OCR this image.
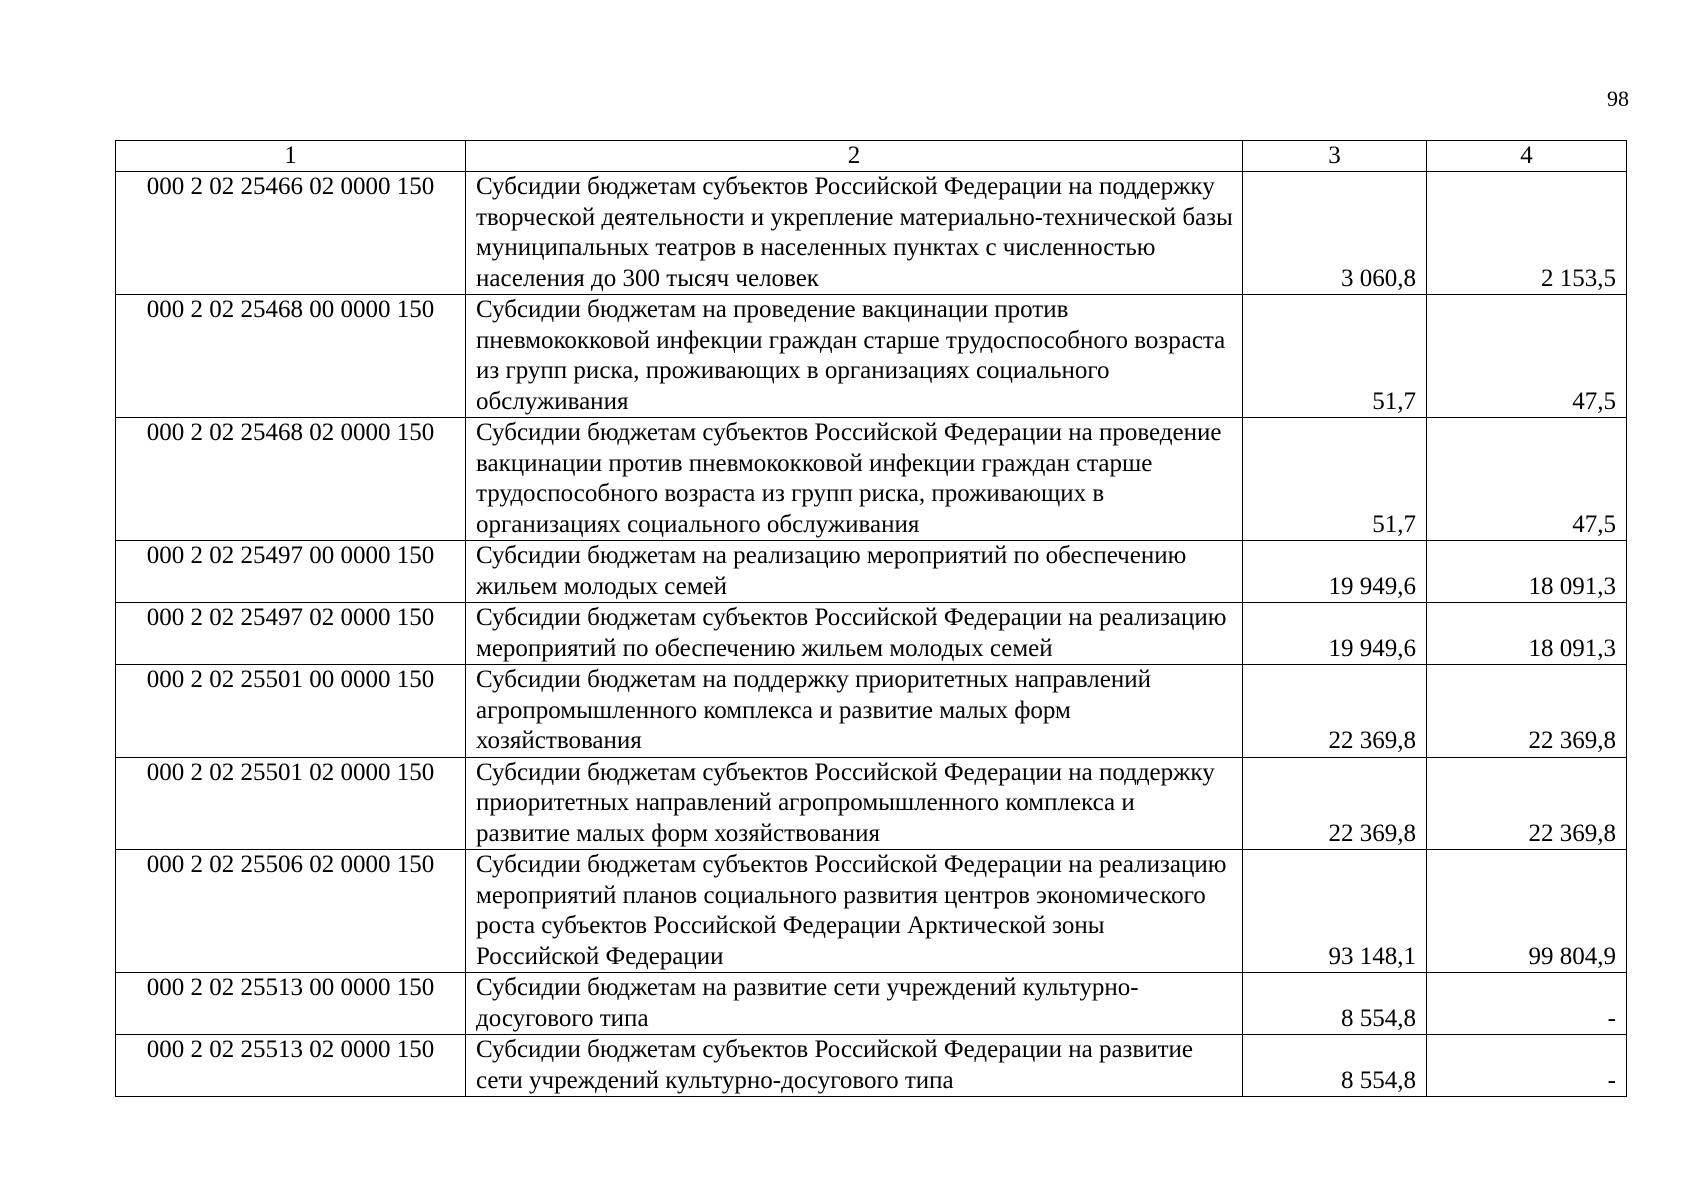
98
1	2	3	4
000 2 02 25466 02 0000 150	Субсидии бюджетам субъектов Российской Федерации на поддержку творческой деятельности и укрепление материально-технической базы муниципальных театров в населенных пунктах с численностью населения до 300 тысяч человек	3 060,8	2 153,5
000 2 02 25468 00 0000 150	Субсидии бюджетам на проведение вакцинации против пневмококковой инфекции граждан старше трудоспособного возраста из групп риска, проживающих в организациях социального обслуживания	51,7	47,5
000 2 02 25468 02 0000 150	Субсидии бюджетам субъектов Российской Федерации на проведение вакцинации против пневмококковой инфекции граждан старше трудоспособного возраста из групп риска, проживающих в организациях социального обслуживания	51,7	47,5
000 2 02 25497 00 0000 150	Субсидии бюджетам на реализацию мероприятий по обеспечению жильем молодых семей	19 949,6	18 091,3
000 2 02 25497 02 0000 150	Субсидии бюджетам субъектов Российской Федерации на реализацию мероприятий по обеспечению жильем молодых семей	19 949,6	18 091,3
000 2 02 25501 00 0000 150	Субсидии бюджетам на поддержку приоритетных направлений агропромышленного комплекса и развитие малых форм хозяйствования	22 369,8	22 369,8
000 2 02 25501 02 0000 150	Субсидии бюджетам субъектов Российской Федерации на поддержку приоритетных направлений агропромышленного комплекса и развитие малых форм хозяйствования	22 369,8	22 369,8
000 2 02 25506 02 0000 150	Субсидии бюджетам субъектов Российской Федерации на реализацию мероприятий планов социального развития центров экономического роста субъектов Российской Федерации Арктической зоны Российской Федерации	93 148,1	99 804,9
000 2 02 25513 00 0000 150	Субсидии бюджетам на развитие сети учреждений культурно-досугового типа	8 554,8	-
000 2 02 25513 02 0000 150	Субсидии бюджетам субъектов Российской Федерации на развитие сети учреждений культурно-досугового типа	8 554,8	-
